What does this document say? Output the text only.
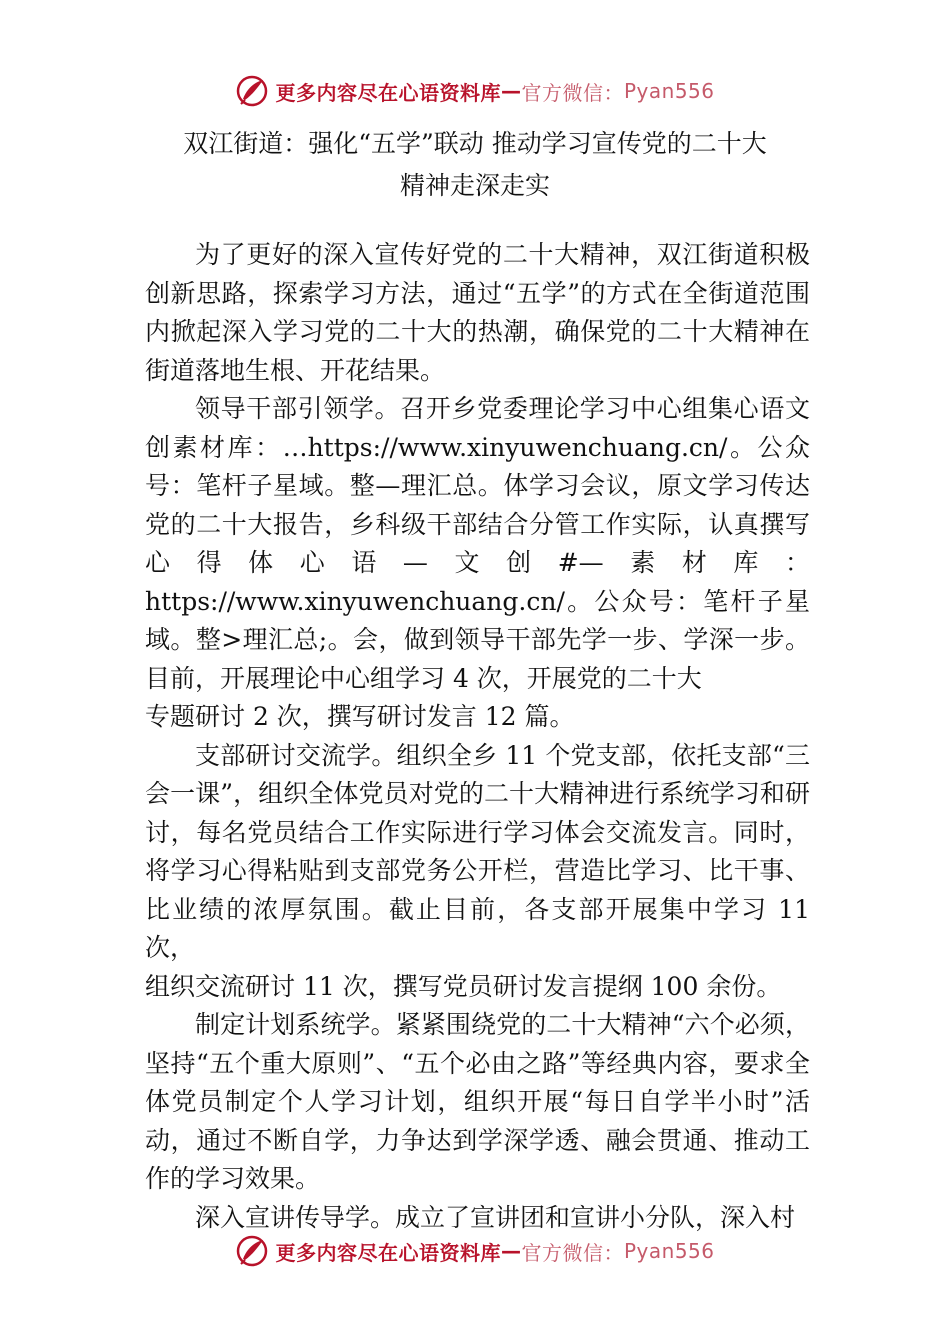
更多内容尽在心语资料库 — 官方微信： Pyan556
双江街道：强化“五学”联动 推动学习宣传党的二十大
精神走深走实

为了更好的深入宣传好党的二十大精神，双江街道积极创新思路，探索学习方法，通过“五学”的方式在全街道范围内掀起深入学习党的二十大的热潮，确保党的二十大精神在街道落地生根、开花结果。

领导干部引领学。召开乡党委理论学习中心组集心语文创素材库：…https://www.xinyuwenchuang.cn/。公众号：笔杆子星域。整—理汇总。体学习会议，原文学习传达党的二十大报告，乡科级干部结合分管工作实际，认真撰写心得体心语—文创#—素材库：https://www.xinyuwenchuang.cn/。公众号：笔杆子星域。整>理汇总;。会，做到领导干部先学一步、学深一步。目前，开展理论中心组学习 4 次，开展党的二十大

专题研讨 2 次，撰写研讨发言 12 篇。

支部研讨交流学。组织全乡 11 个党支部，依托支部“三会一课”，组织全体党员对党的二十大精神进行系统学习和研讨，每名党员结合工作实际进行学习体会交流发言。同时， 将学习心得粘贴到支部党务公开栏，营造比学习、比干事、 比业绩的浓厚氛围。截止目前，各支部开展集中学习 11 次，

组织交流研讨 11 次，撰写党员研讨发言提纲 100 余份。

制定计划系统学。紧紧围绕党的二十大精神“六个必须，坚持“五个重大原则”、“五个必由之路”等经典内容，要求全体党员制定个人学习计划，组织开展“每日自学半小时”活动，通过不断自学，力争达到学深学透、融会贯通、推动工作的学习效果。

深入宣讲传导学。成立了宣讲团和宣讲小分队，深入村

更多内容尽在心语资料库 — 官方微信： Pyan556
